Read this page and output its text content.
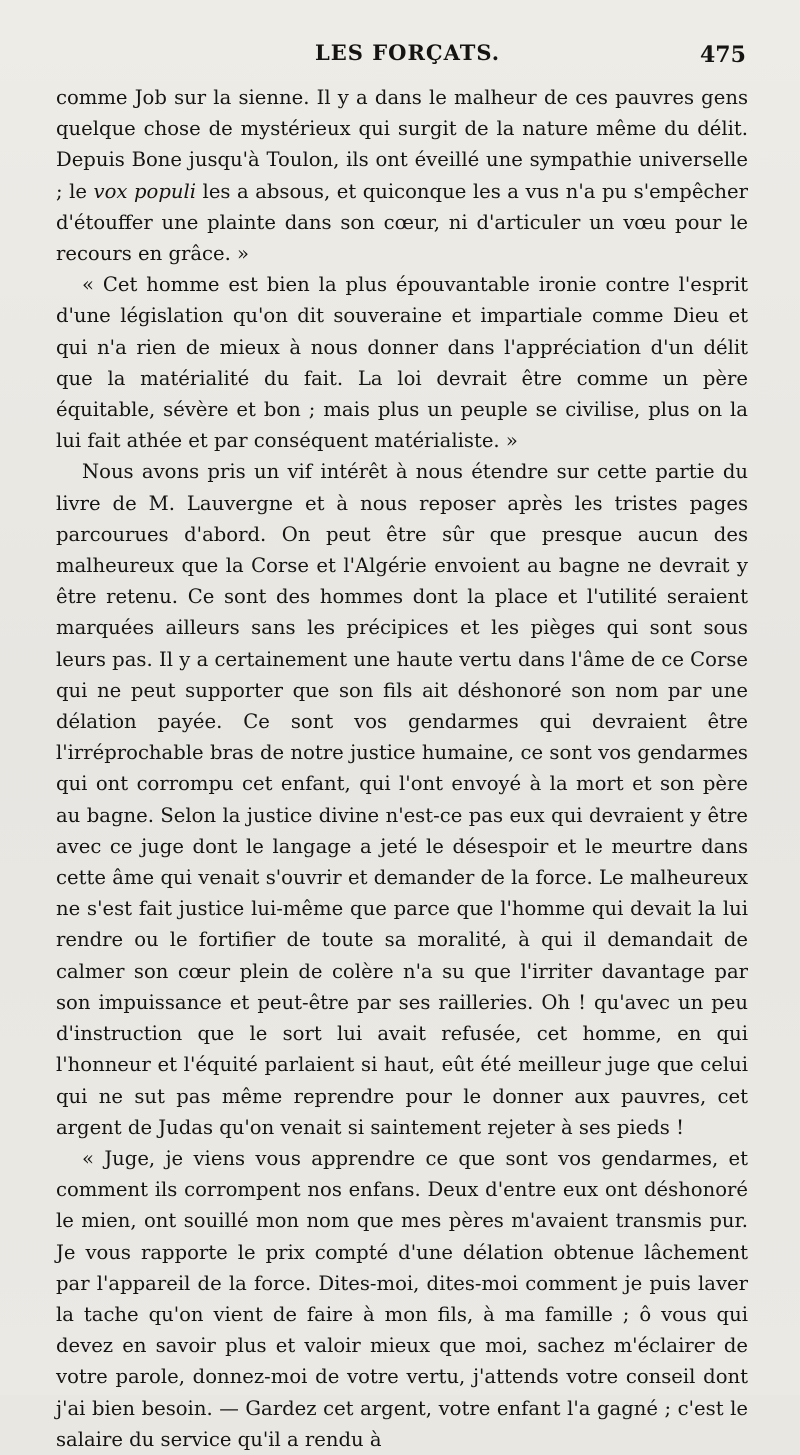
LES FORÇATS.	475

comme Job sur la sienne. Il y a dans le malheur de ces pauvres gens quelque chose de mystérieux qui surgit de la nature même du délit. Depuis Bone jusqu'à Toulon, ils ont éveillé une sympathie universelle ; le vox populi les a absous, et quiconque les a vus n'a pu s'empêcher d'étouffer une plainte dans son cœur, ni d'articuler un vœu pour le recours en grâce. »

« Cet homme est bien la plus épouvantable ironie contre l'esprit d'une législation qu'on dit souveraine et impartiale comme Dieu et qui n'a rien de mieux à nous donner dans l'appréciation d'un délit que la matérialité du fait. La loi devrait être comme un père équitable, sévère et bon ; mais plus un peuple se civilise, plus on la lui fait athée et par conséquent matérialiste. »

Nous avons pris un vif intérêt à nous étendre sur cette partie du livre de M. Lauvergne et à nous reposer après les tristes pages parcourues d'abord. On peut être sûr que presque aucun des malheureux que la Corse et l'Algérie envoient au bagne ne devrait y être retenu. Ce sont des hommes dont la place et l'utilité seraient marquées ailleurs sans les précipices et les pièges qui sont sous leurs pas. Il y a certainement une haute vertu dans l'âme de ce Corse qui ne peut supporter que son fils ait déshonoré son nom par une délation payée. Ce sont vos gendarmes qui devraient être l'irréprochable bras de notre justice humaine, ce sont vos gendarmes qui ont corrompu cet enfant, qui l'ont envoyé à la mort et son père au bagne. Selon la justice divine n'est-ce pas eux qui devraient y être avec ce juge dont le langage a jeté le désespoir et le meurtre dans cette âme qui venait s'ouvrir et demander de la force. Le malheureux ne s'est fait justice lui-même que parce que l'homme qui devait la lui rendre ou le fortifier de toute sa moralité, à qui il demandait de calmer son cœur plein de colère n'a su que l'irriter davantage par son impuissance et peut-être par ses railleries. Oh ! qu'avec un peu d'instruction que le sort lui avait refusée, cet homme, en qui l'honneur et l'équité parlaient si haut, eût été meilleur juge que celui qui ne sut pas même reprendre pour le donner aux pauvres, cet argent de Judas qu'on venait si saintement rejeter à ses pieds !

« Juge, je viens vous apprendre ce que sont vos gendarmes, et comment ils corrompent nos enfans. Deux d'entre eux ont déshonoré le mien, ont souillé mon nom que mes pères m'avaient transmis pur. Je vous rapporte le prix compté d'une délation obtenue lâchement par l'appareil de la force. Dites-moi, dites-moi comment je puis laver la tache qu'on vient de faire à mon fils, à ma famille ; ô vous qui devez en savoir plus et valoir mieux que moi, sachez m'éclairer de votre parole, donnez-moi de votre vertu, j'attends votre conseil dont j'ai bien besoin. — Gardez cet argent, votre enfant l'a gagné ; c'est le salaire du service qu'il a rendu à
